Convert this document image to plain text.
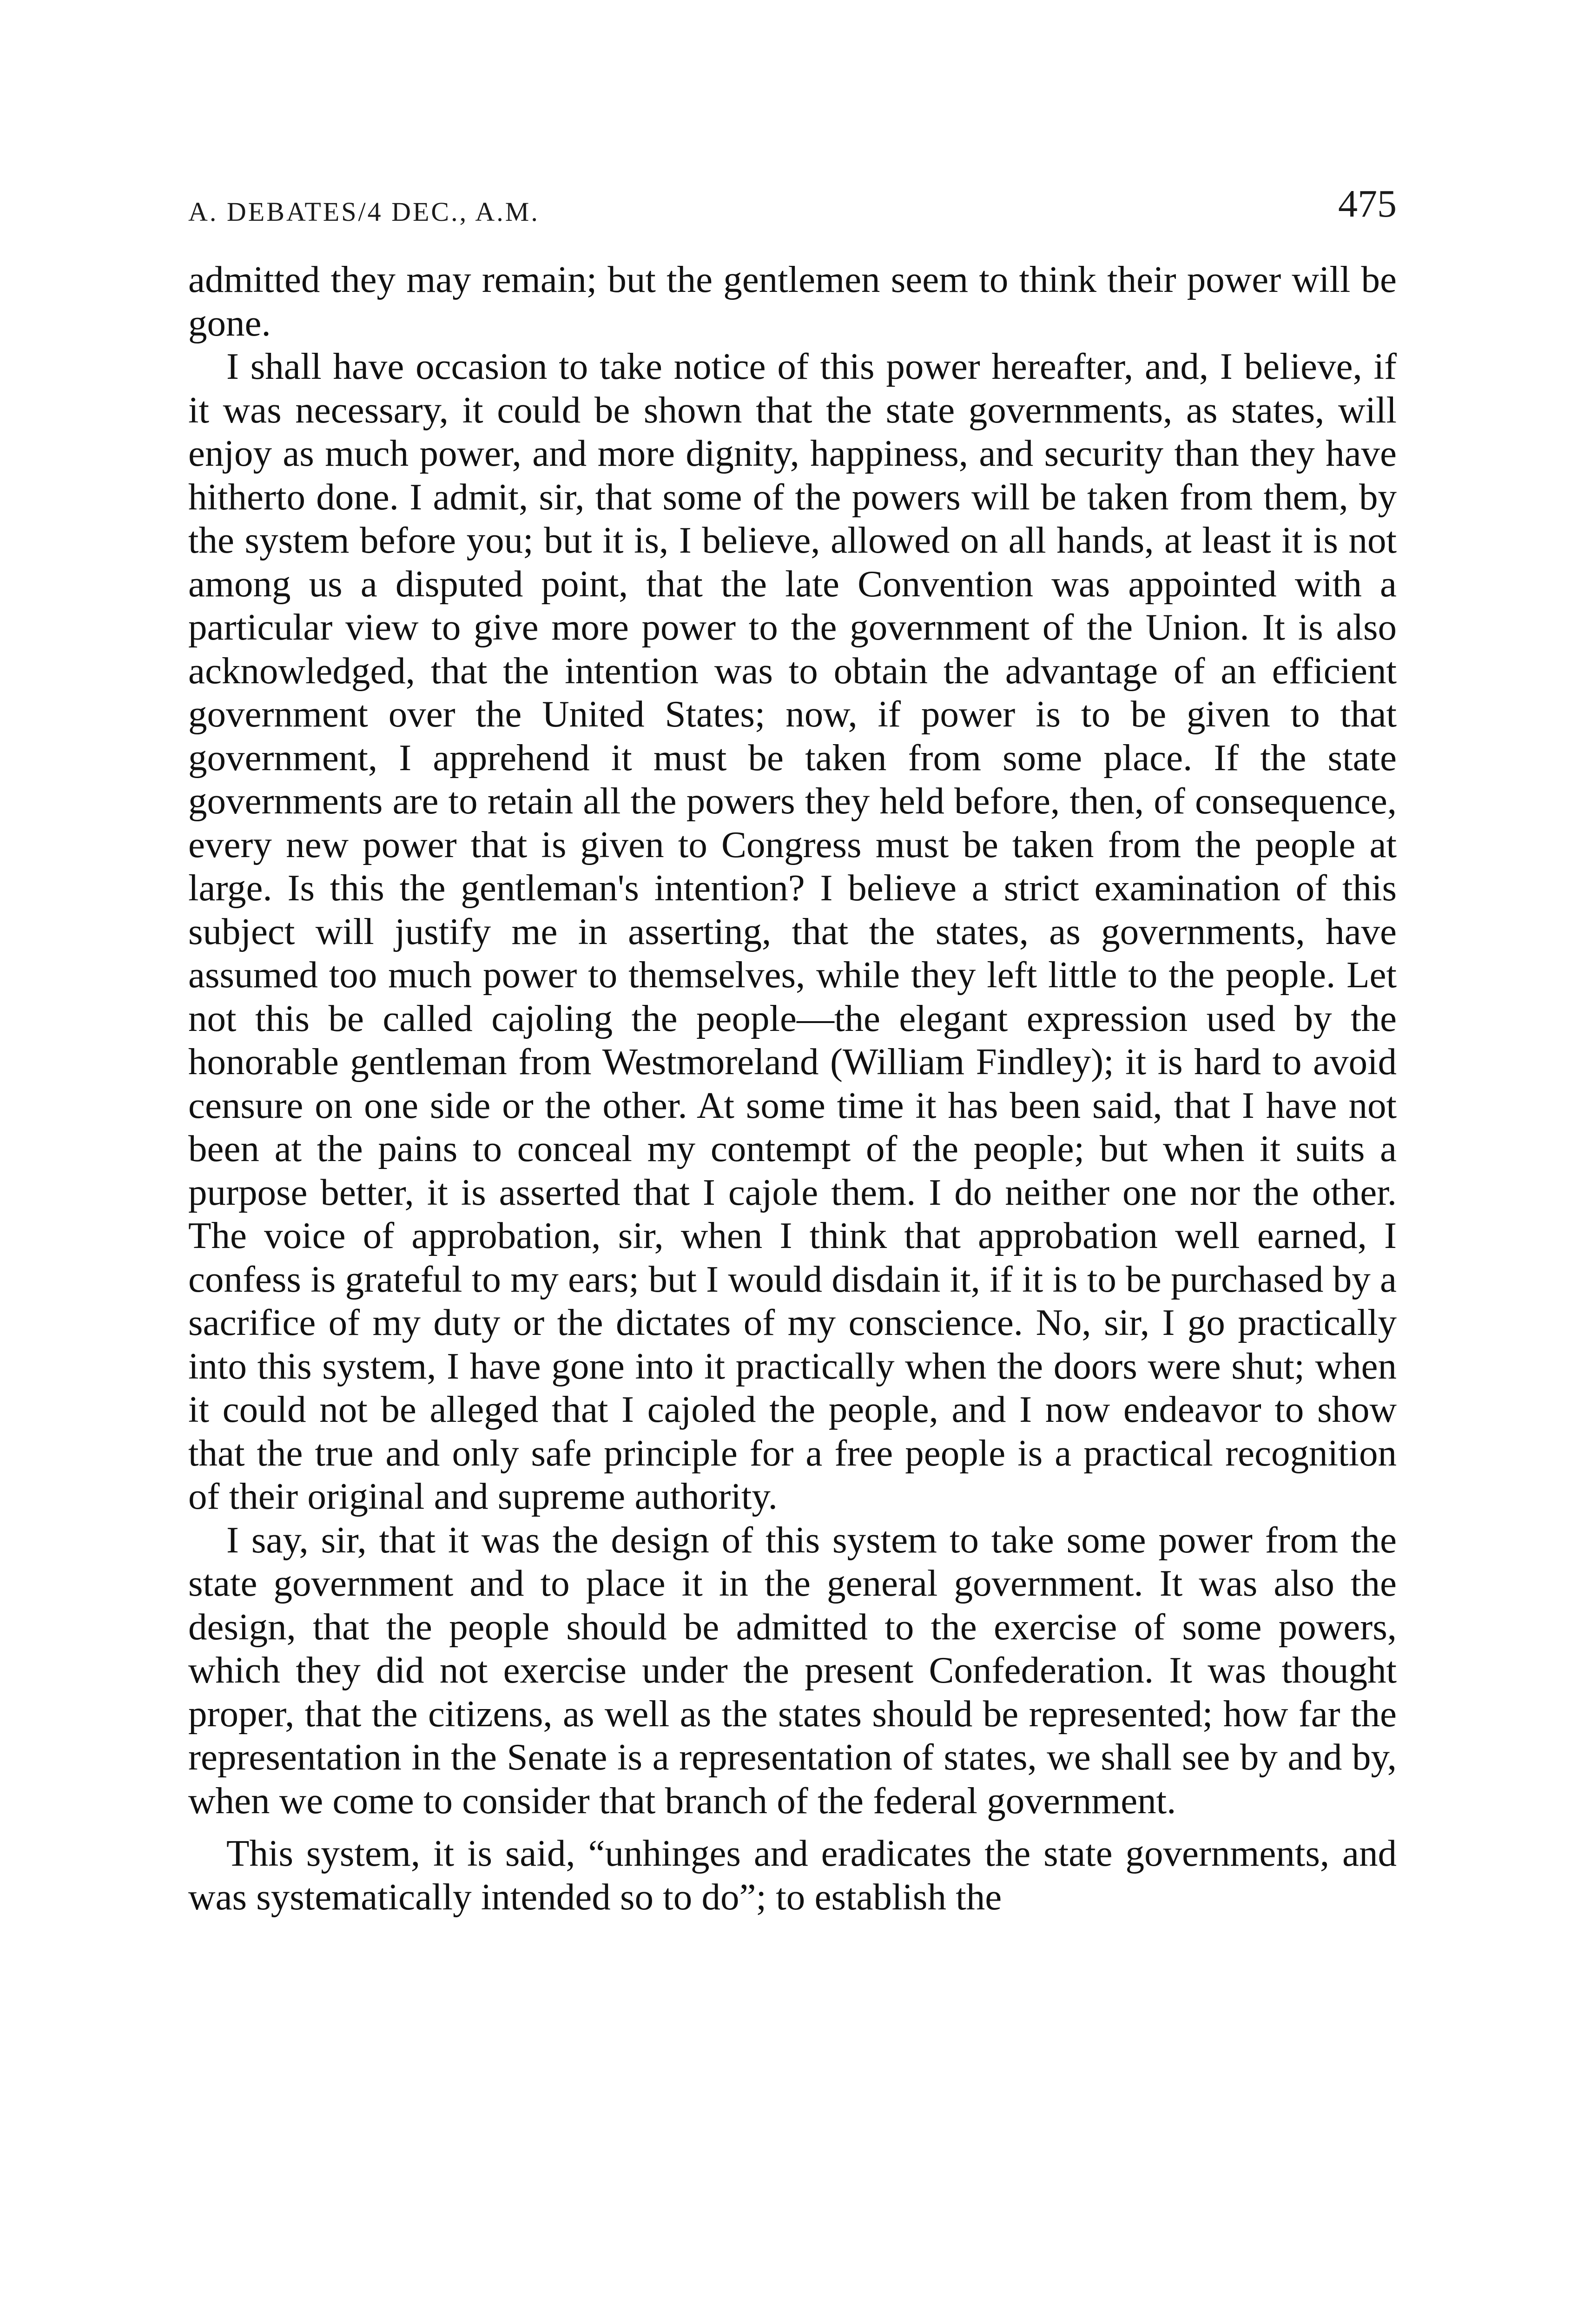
A. DEBATES/4 DEC., A.M.	475

admitted they may remain; but the gentlemen seem to think their power will be gone.

I shall have occasion to take notice of this power hereafter, and, I believe, if it was necessary, it could be shown that the state governments, as states, will enjoy as much power, and more dignity, happiness, and security than they have hitherto done. I admit, sir, that some of the powers will be taken from them, by the system before you; but it is, I believe, allowed on all hands, at least it is not among us a disputed point, that the late Convention was appointed with a particular view to give more power to the government of the Union. It is also acknowledged, that the intention was to obtain the advantage of an efficient government over the United States; now, if power is to be given to that government, I apprehend it must be taken from some place. If the state governments are to retain all the powers they held before, then, of consequence, every new power that is given to Congress must be taken from the people at large. Is this the gentleman's intention? I believe a strict examination of this subject will justify me in asserting, that the states, as governments, have assumed too much power to themselves, while they left little to the people. Let not this be called cajoling the people—the elegant expression used by the honorable gentleman from Westmoreland (William Findley); it is hard to avoid censure on one side or the other. At some time it has been said, that I have not been at the pains to conceal my contempt of the people; but when it suits a purpose better, it is asserted that I cajole them. I do neither one nor the other. The voice of approbation, sir, when I think that approbation well earned, I confess is grateful to my ears; but I would disdain it, if it is to be purchased by a sacrifice of my duty or the dictates of my conscience. No, sir, I go practically into this system, I have gone into it practically when the doors were shut; when it could not be alleged that I cajoled the people, and I now endeavor to show that the true and only safe principle for a free people is a practical recognition of their original and supreme authority.

I say, sir, that it was the design of this system to take some power from the state government and to place it in the general government. It was also the design, that the people should be admitted to the exercise of some powers, which they did not exercise under the present Confederation. It was thought proper, that the citizens, as well as the states should be represented; how far the representation in the Senate is a representation of states, we shall see by and by, when we come to consider that branch of the federal government.

This system, it is said, “unhinges and eradicates the state governments, and was systematically intended so to do”; to establish the
